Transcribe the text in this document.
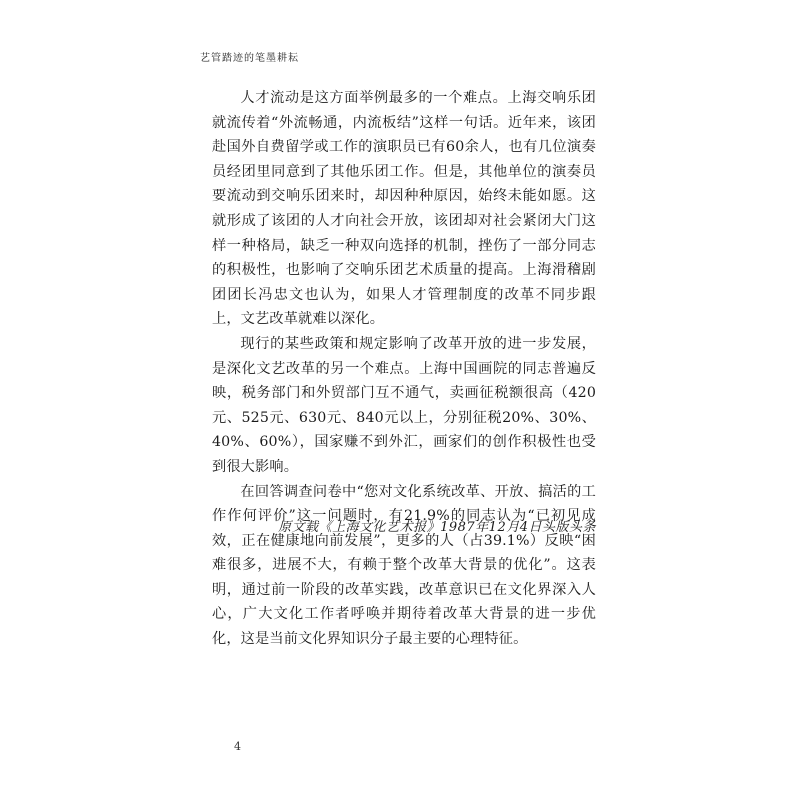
艺管踏迹的笔墨耕耘

人才流动是这方面举例最多的一个难点。上海交响乐团就流传着“外流畅通，内流板结”这样一句话。近年来，该团赴国外自费留学或工作的演职员已有60余人，也有几位演奏员经团里同意到了其他乐团工作。但是，其他单位的演奏员要流动到交响乐团来时，却因种种原因，始终未能如愿。这就形成了该团的人才向社会开放，该团却对社会紧闭大门这样一种格局，缺乏一种双向选择的机制，挫伤了一部分同志的积极性，也影响了交响乐团艺术质量的提高。上海滑稽剧团团长冯忠文也认为，如果人才管理制度的改革不同步跟上，文艺改革就难以深化。

现行的某些政策和规定影响了改革开放的进一步发展，是深化文艺改革的另一个难点。上海中国画院的同志普遍反映，税务部门和外贸部门互不通气，卖画征税额很高（420元、525元、630元、840元以上，分别征税20%、30%、40%、60%），国家赚不到外汇，画家们的创作积极性也受到很大影响。

在回答调查问卷中“您对文化系统改革、开放、搞活的工作作何评价”这一问题时，有21.9%的同志认为“已初见成效，正在健康地向前发展”，更多的人（占39.1%）反映“困难很多，进展不大，有赖于整个改革大背景的优化”。这表明，通过前一阶段的改革实践，改革意识已在文化界深入人心，广大文化工作者呼唤并期待着改革大背景的进一步优化，这是当前文化界知识分子最主要的心理特征。

原文载《上海文化艺术报》1987年12月4日头版头条
4
